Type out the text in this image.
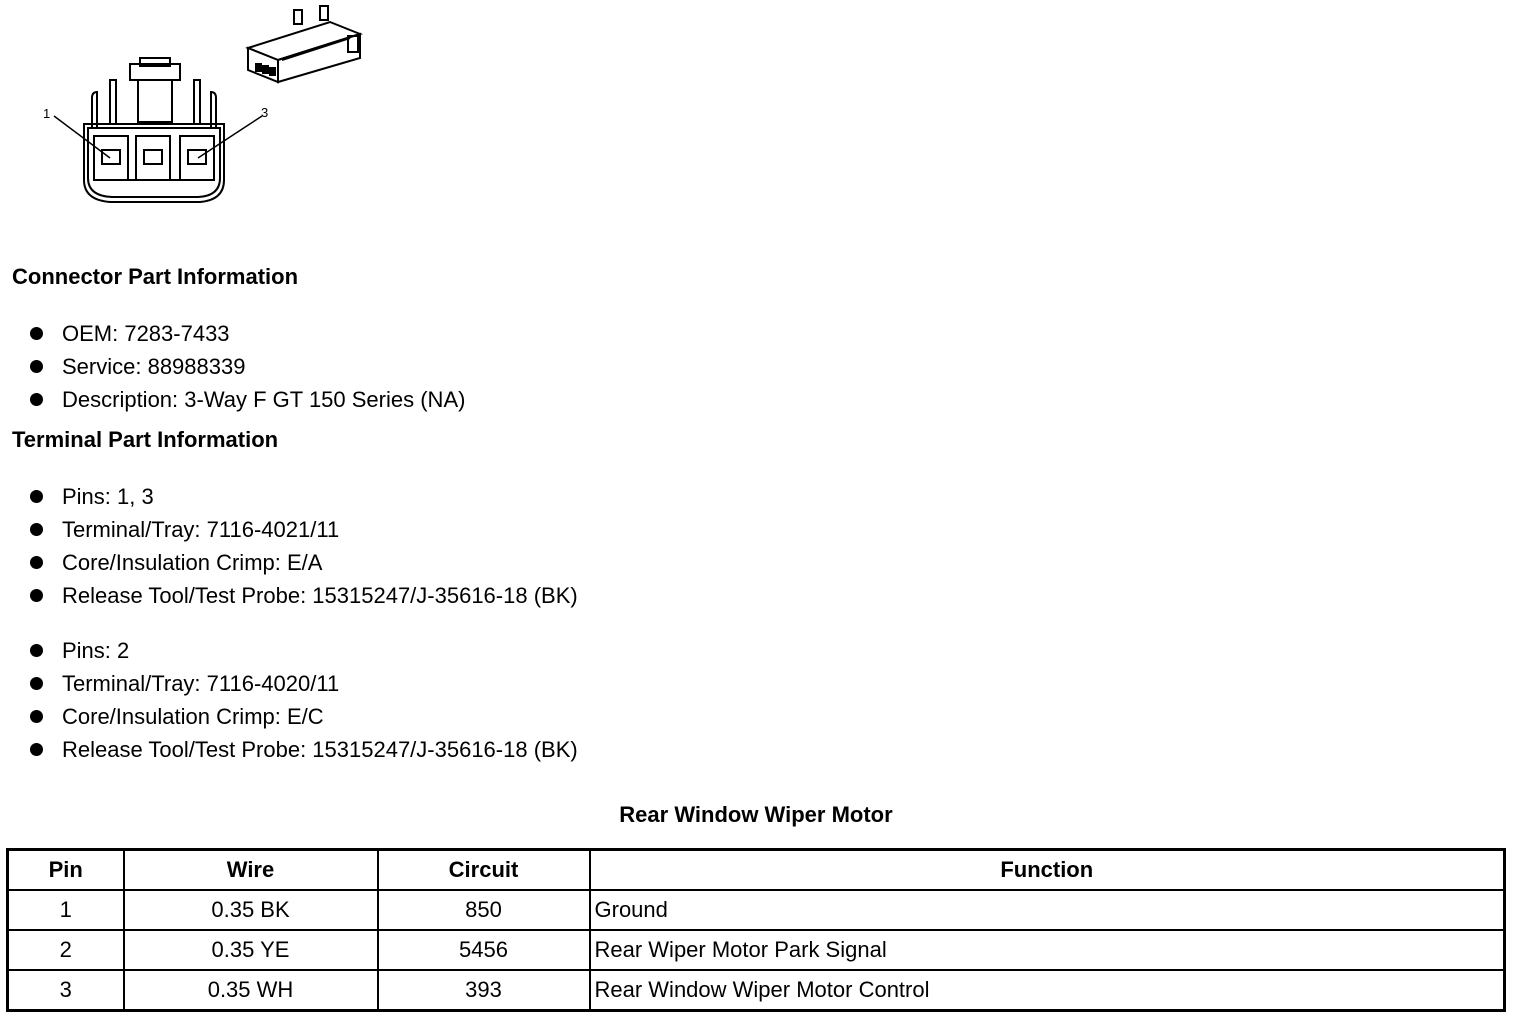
1	3
Connector Part Information
OEM: 7283-7433
Service: 88988339
Description: 3-Way F GT 150 Series (NA)
Terminal Part Information
Pins: 1, 3
Terminal/Tray: 7116-4021/11
Core/Insulation Crimp: E/A
Release Tool/Test Probe: 15315247/J-35616-18 (BK)
Pins: 2
Terminal/Tray: 7116-4020/11
Core/Insulation Crimp: E/C
Release Tool/Test Probe: 15315247/J-35616-18 (BK)
Rear Window Wiper Motor
Pin	Wire	Circuit	Function
1	0.35 BK	850	Ground
2	0.35 YE	5456	Rear Wiper Motor Park Signal
3	0.35 WH	393	Rear Window Wiper Motor Control
